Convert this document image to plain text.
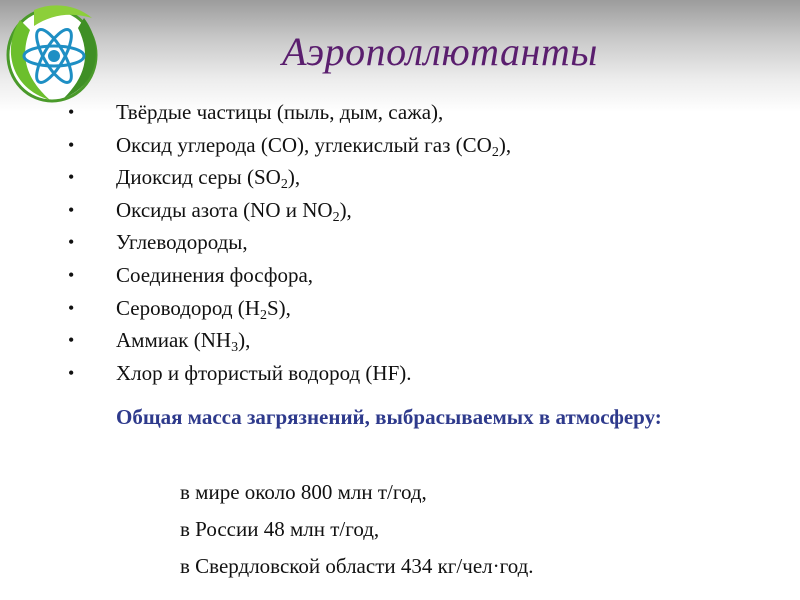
Аэрополлютанты
• Твёрдые частицы (пыль, дым, сажа),
• Оксид углерода (CO), углекислый газ $(CO_2)$,
• Диоксид серы $(SO_2)$,
• Оксиды азота (NO и $NO_2$),
• Углеводороды,
• Соединения фосфора,
• Сероводород $(H_2S)$,
• Аммиак $(NH_3)$,
• Хлор и фтористый водород (HF).
Общая масса загрязнений, выбрасываемых в атмосферу:
в мире около 800 млн т/год,
в России 48 млн т/год,
в Свердловской области 434 кг/чел·год.
